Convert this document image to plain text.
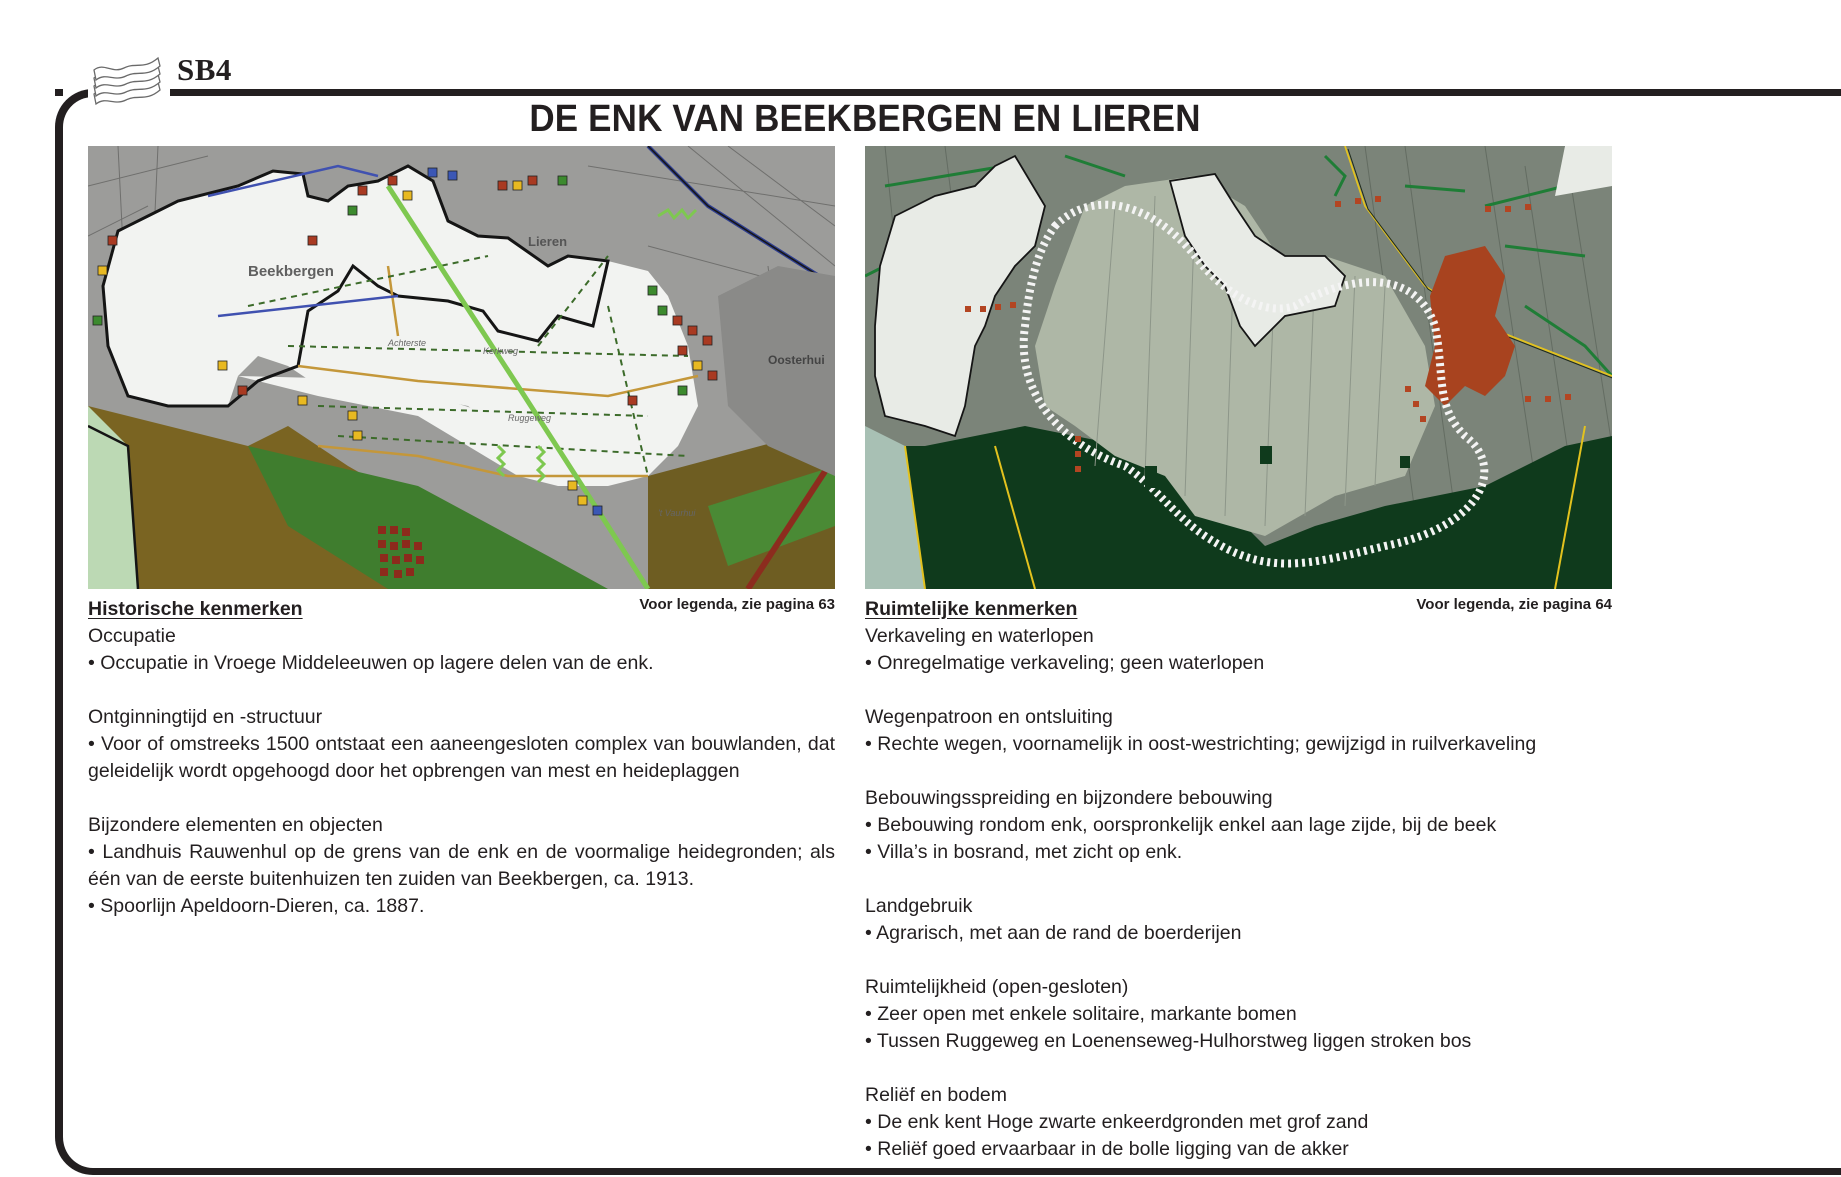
SB4
DE ENK VAN BEEKBERGEN EN LIEREN
Beekbergen
Lieren
Oosterhui
Achterste
Kerkweg
Ruggeweg
't Vaurhui
Voor legenda, zie pagina 63
Historische kenmerken
Occupatie
• Occupatie in Vroege Middeleeuwen op lagere delen van de enk.
Ontginningtijd en -structuur
• Voor of omstreeks 1500 ontstaat een aaneengesloten complex van bouwlanden, dat geleidelijk wordt opgehoogd door het opbrengen van mest en heideplaggen
Bijzondere elementen en objecten
• Landhuis Rauwenhul op de grens van de enk en de voormalige heidegronden; als één van de eerste buitenhuizen ten zuiden van Beekbergen, ca. 1913.
• Spoorlijn Apeldoorn-Dieren, ca. 1887.
Voor legenda, zie pagina 64
Ruimtelijke kenmerken
Verkaveling en waterlopen
• Onregelmatige verkaveling; geen waterlopen
Wegenpatroon en ontsluiting
• Rechte wegen, voornamelijk in oost-westrichting; gewijzigd in ruilverkaveling
Bebouwingsspreiding en bijzondere bebouwing
• Bebouwing rondom enk, oorspronkelijk enkel aan lage zijde, bij de beek
• Villa’s in bosrand, met zicht op enk.
Landgebruik
• Agrarisch, met aan de rand de boerderijen
Ruimtelijkheid (open-gesloten)
• Zeer open met enkele solitaire, markante bomen
• Tussen Ruggeweg en Loenenseweg-Hulhorstweg liggen stroken bos
Reliëf en bodem
• De enk kent Hoge zwarte enkeerdgronden met grof zand
• Reliëf goed ervaarbaar in de bolle ligging van de akker
